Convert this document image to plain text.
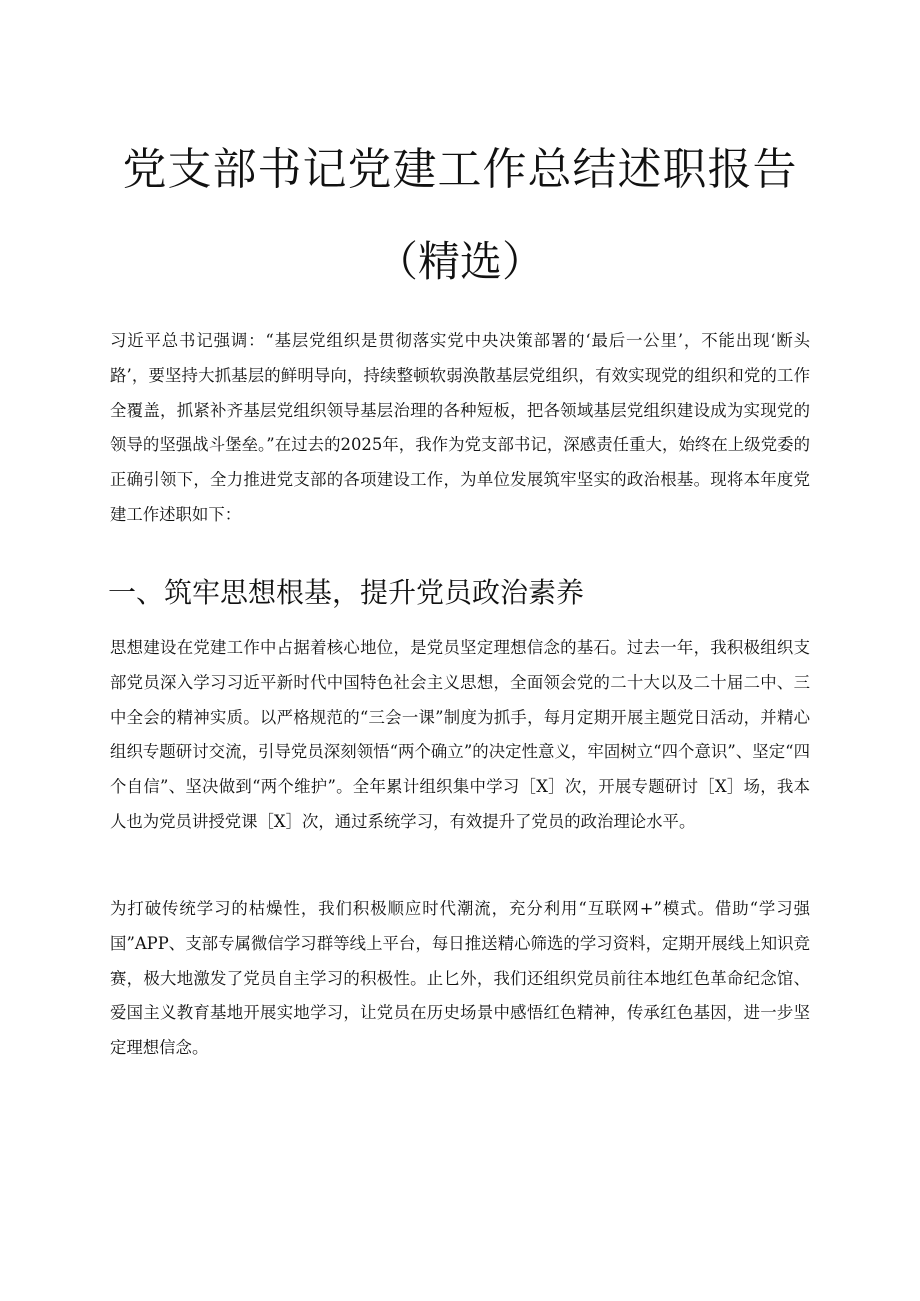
党支部书记党建工作总结述职报告
（精选）

习近平总书记强调：“基层党组织是贯彻落实党中央决策部署的‘最后一公里’，不能出现‘断头路’，要坚持大抓基层的鲜明导向，持续整顿软弱涣散基层党组织，有效实现党的组织和党的工作全覆盖，抓紧补齐基层党组织领导基层治理的各种短板，把各领域基层党组织建设成为实现党的领导的坚强战斗堡垒。”在过去的2025年，我作为党支部书记，深感责任重大，始终在上级党委的正确引领下，全力推进党支部的各项建设工作，为单位发展筑牢坚实的政治根基。现将本年度党建工作述职如下：

一、筑牢思想根基，提升党员政治素养

思想建设在党建工作中占据着核心地位，是党员坚定理想信念的基石。过去一年，我积极组织支部党员深入学习习近平新时代中国特色社会主义思想，全面领会党的二十大以及二十届二中、三中全会的精神实质。以严格规范的“三会一课”制度为抓手，每月定期开展主题党日活动，并精心组织专题研讨交流，引导党员深刻领悟“两个确立”的决定性意义，牢固树立“四个意识”、坚定“四个自信”、坚决做到“两个维护”。全年累计组织集中学习［X］次，开展专题研讨［X］场，我本人也为党员讲授党课［X］次，通过系统学习，有效提升了党员的政治理论水平。

为打破传统学习的枯燥性，我们积极顺应时代潮流，充分利用“互联网+”模式。借助“学习强国”APP、支部专属微信学习群等线上平台，每日推送精心筛选的学习资料，定期开展线上知识竞赛，极大地激发了党员自主学习的积极性。止匕外，我们还组织党员前往本地红色革命纪念馆、爱国主义教育基地开展实地学习，让党员在历史场景中感悟红色精神，传承红色基因，进一步坚定理想信念。
